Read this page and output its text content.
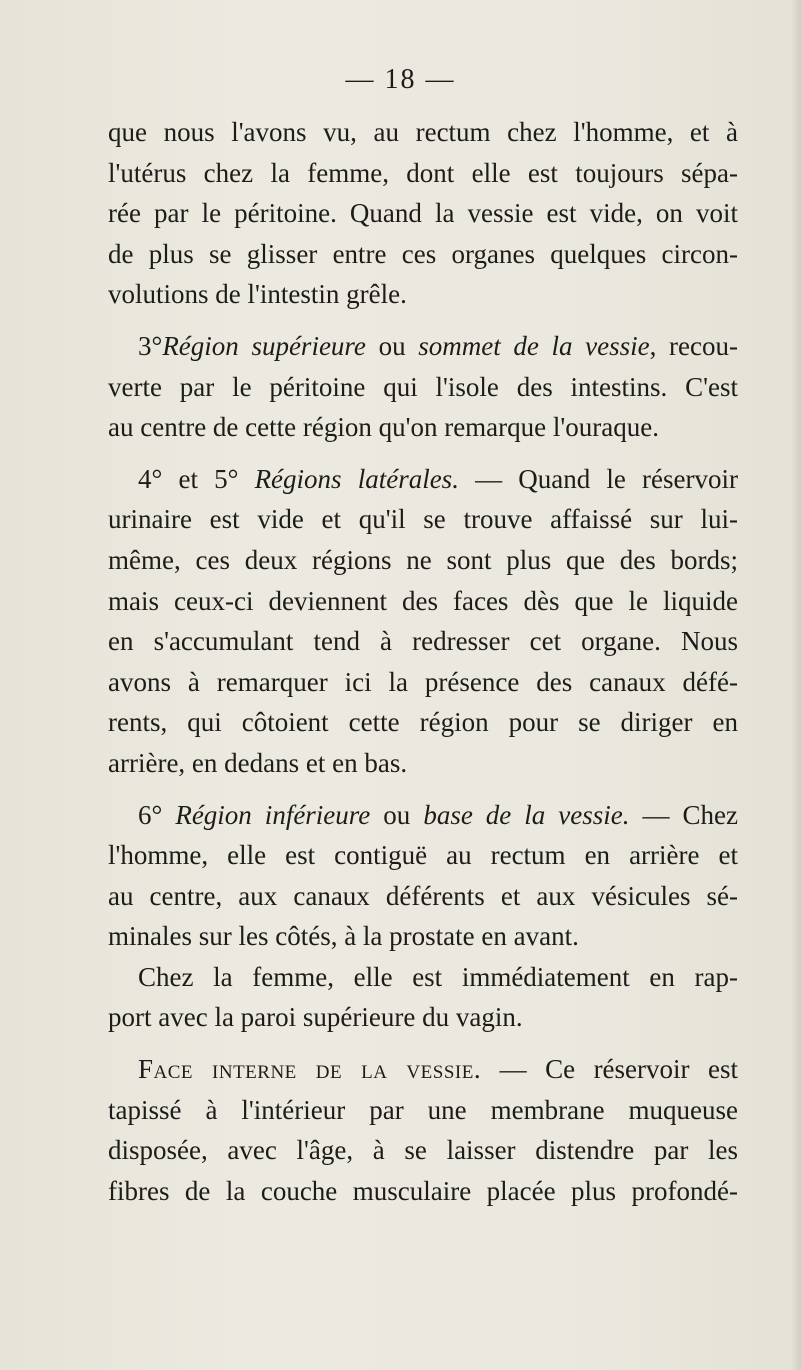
— 18 —
que nous l'avons vu, au rectum chez l'homme, et à
l'utérus chez la femme, dont elle est toujours sépa-
rée par le péritoine. Quand la vessie est vide, on voit
de plus se glisser entre ces organes quelques circon-
volutions de l'intestin grêle.
3°Région supérieure ou sommet de la vessie, recou-
verte par le péritoine qui l'isole des intestins. C'est
au centre de cette région qu'on remarque l'ouraque.
4° et 5° Régions latérales. — Quand le réservoir
urinaire est vide et qu'il se trouve affaissé sur lui-
même, ces deux régions ne sont plus que des bords;
mais ceux-ci deviennent des faces dès que le liquide
en s'accumulant tend à redresser cet organe. Nous
avons à remarquer ici la présence des canaux défé-
rents, qui côtoient cette région pour se diriger en
arrière, en dedans et en bas.
6° Région inférieure ou base de la vessie. — Chez
l'homme, elle est contiguë au rectum en arrière et
au centre, aux canaux déférents et aux vésicules sé-
minales sur les côtés, à la prostate en avant.
Chez la femme, elle est immédiatement en rap-
port avec la paroi supérieure du vagin.
Face interne de la vessie. — Ce réservoir est
tapissé à l'intérieur par une membrane muqueuse
disposée, avec l'âge, à se laisser distendre par les
fibres de la couche musculaire placée plus profondé-
